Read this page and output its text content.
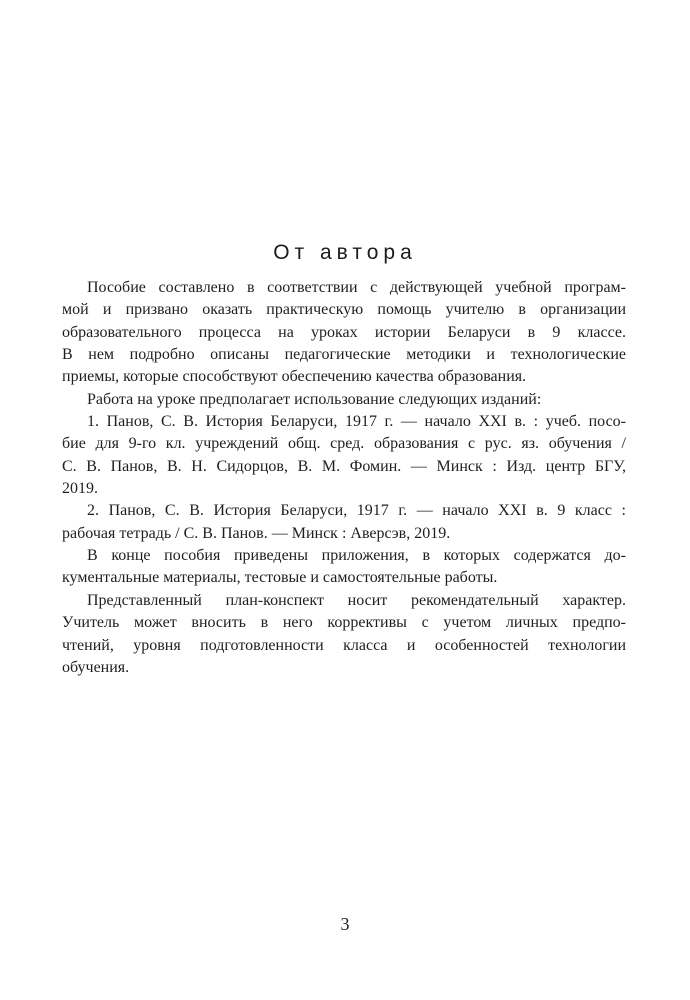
От автора
Пособие составлено в соответствии с действующей учебной програм-
мой и призвано оказать практическую помощь учителю в организации
образовательного процесса на уроках истории Беларуси в 9 классе.
В нем подробно описаны педагогические методики и технологические
приемы, которые способствуют обеспечению качества образования.
Работа на уроке предполагает использование следующих изданий:
1. Панов, С. В. История Беларуси, 1917 г. — начало XXI в. : учеб. посо-
бие для 9-го кл. учреждений общ. сред. образования с рус. яз. обучения /
С. В. Панов, В. Н. Сидорцов, В. М. Фомин. — Минск : Изд. центр БГУ,
2019.
2. Панов, С. В. История Беларуси, 1917 г. — начало XXI в. 9 класс :
рабочая тетрадь / С. В. Панов. — Минск : Аверсэв, 2019.
В конце пособия приведены приложения, в которых содержатся до-
кументальные материалы, тестовые и самостоятельные работы.
Представленный план-конспект носит рекомендательный характер.
Учитель может вносить в него коррективы с учетом личных предпо-
чтений, уровня подготовленности класса и особенностей технологии
обучения.
3
